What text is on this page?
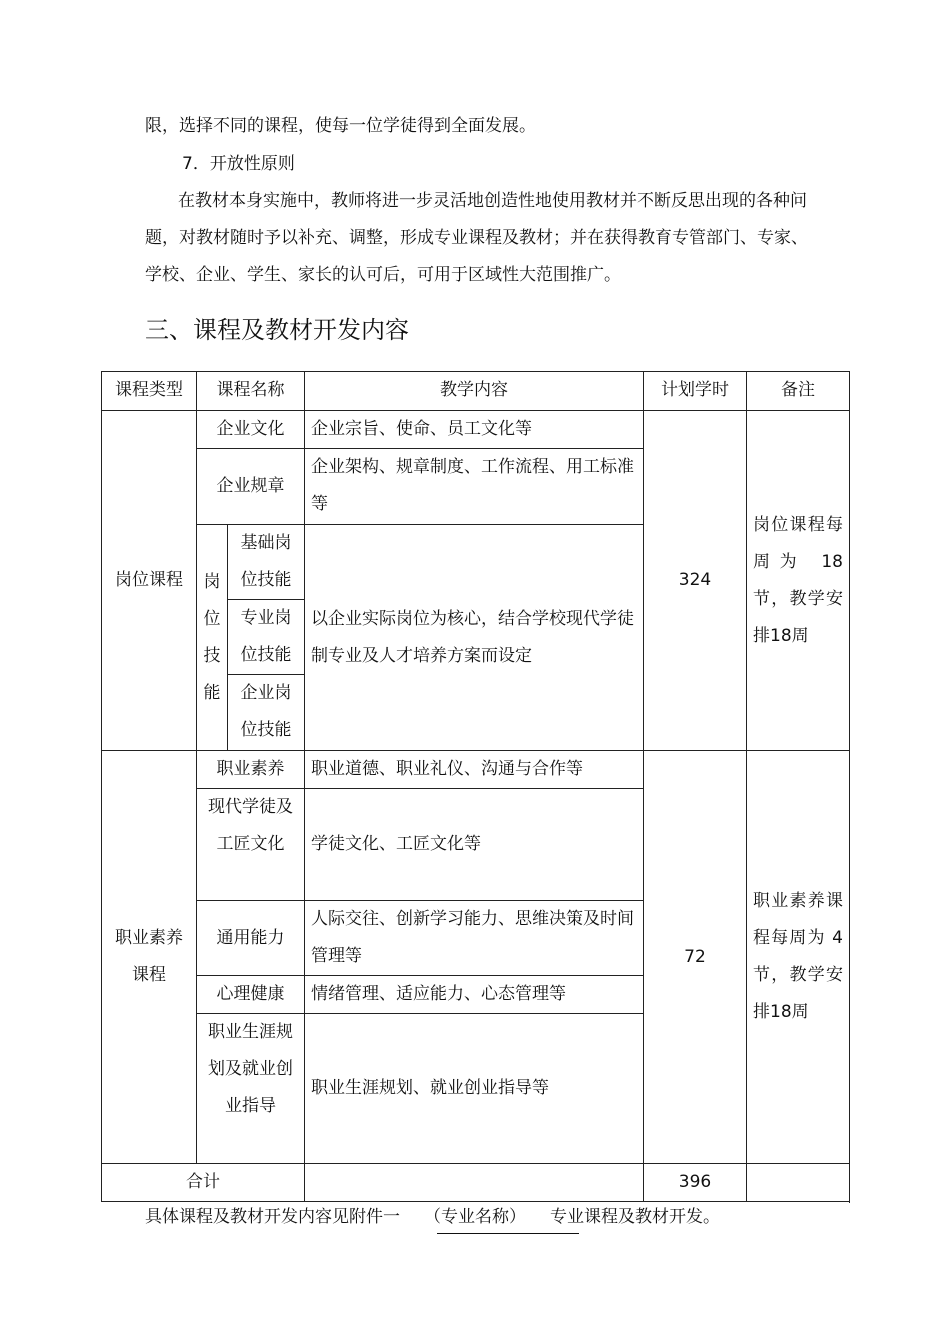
限，选择不同的课程，使每一位学徒得到全面发展。

7．开放性原则

在教材本身实施中，教师将进一步灵活地创造性地使用教材并不断反思出现的各种问题，对教材随时予以补充、调整，形成专业课程及教材；并在获得教育专管部门、专家、学校、企业、学生、家长的认可后，可用于区域性大范围推广。

三、课程及教材开发内容
课程类型	课程名称		教学内容	计划学时	备注
岗位课程	企业文化		企业宗旨、使命、员工文化等	324	岗位课程每周为 18 节，教学安排18周

	企业规章		企业架构、规章制度、工作流程、用工标准等		
	岗位技能	基础岗位技能	以企业实际岗位为核心，结合学校现代学徒制专业及人才培养方案而设定		
		专业岗位技能			
		企业岗位技能			
职业素养课程	职业素养		职业道德、职业礼仪、沟通与合作等	72	职业素养课程每周为 4 节，教学安排18周

	现代学徒及工匠文化		学徒文化、工匠文化等		
	通用能力		人际交往、创新学习能力、思维决策及时间管理等		
	心理健康		情绪管理、适应能力、心态管理等		
	职业生涯规划及就业创业指导		职业生涯规划、就业创业指导等		
合计				396	
具体课程及教材开发内容见附件一 （专业名称） 专业课程及教材开发。
